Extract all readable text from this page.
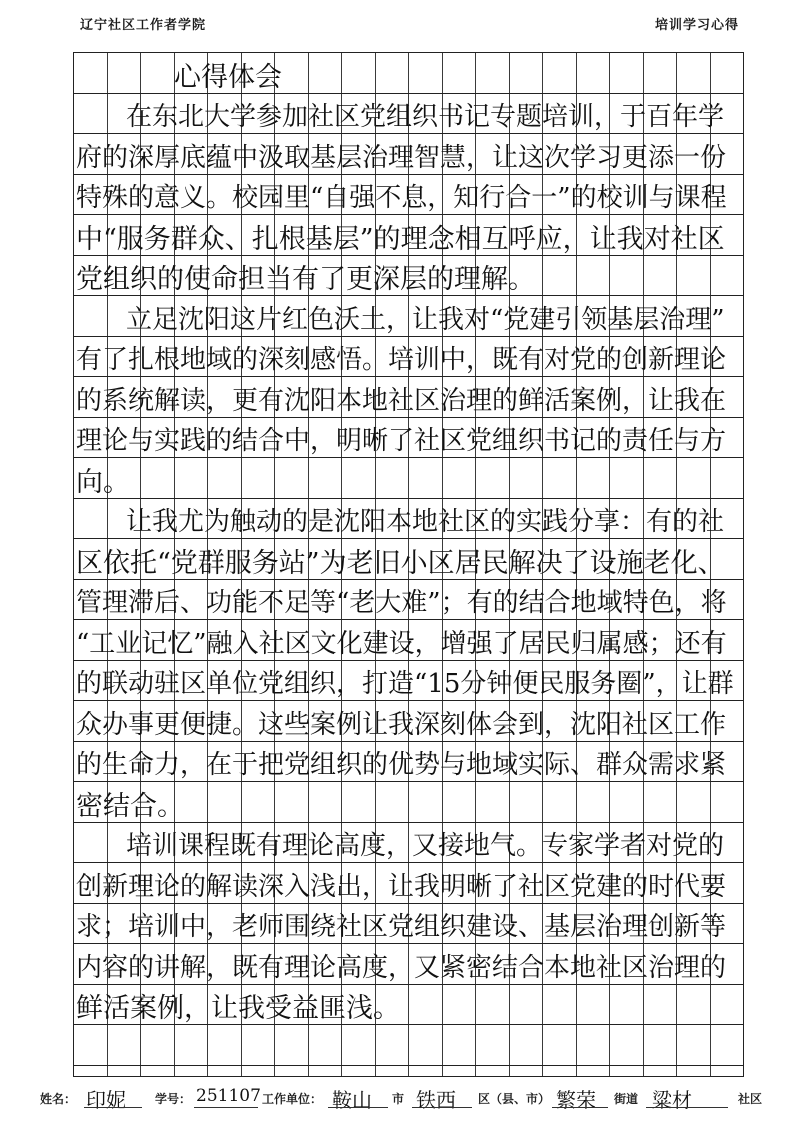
辽宁社区工作者学院	培训学习心得
心得体会
在东北大学参加社区党组织书记专题培训，于百年学
府的深厚底蕴中汲取基层治理智慧，让这次学习更添一份
特殊的意义。校园里“自强不息，知行合一”的校训与课程
中“服务群众、扎根基层”的理念相互呼应，让我对社区
党组织的使命担当有了更深层的理解。
立足沈阳这片红色沃土，让我对“党建引领基层治理”
有了扎根地域的深刻感悟。培训中，既有对党的创新理论
的系统解读，更有沈阳本地社区治理的鲜活案例，让我在
理论与实践的结合中，明晰了社区党组织书记的责任与方
向。
让我尤为触动的是沈阳本地社区的实践分享：有的社
区依托“党群服务站”为老旧小区居民解决了设施老化、
管理滞后、功能不足等“老大难”；有的结合地域特色，将
“工业记忆”融入社区文化建设，增强了居民归属感；还有
的联动驻区单位党组织，打造“15分钟便民服务圈”，让群
众办事更便捷。这些案例让我深刻体会到，沈阳社区工作
的生命力，在于把党组织的优势与地域实际、群众需求紧
密结合。
培训课程既有理论高度，又接地气。专家学者对党的
创新理论的解读深入浅出，让我明晰了社区党建的时代要
求；培训中，老师围绕社区党组织建设、基层治理创新等
内容的讲解，既有理论高度，又紧密结合本地社区治理的
鲜活案例，让我受益匪浅。
姓名： 印妮 学号： 251107 工作单位： 鞍山 市 铁西 区（县、市） 繁荣 街道 粱材	社区
